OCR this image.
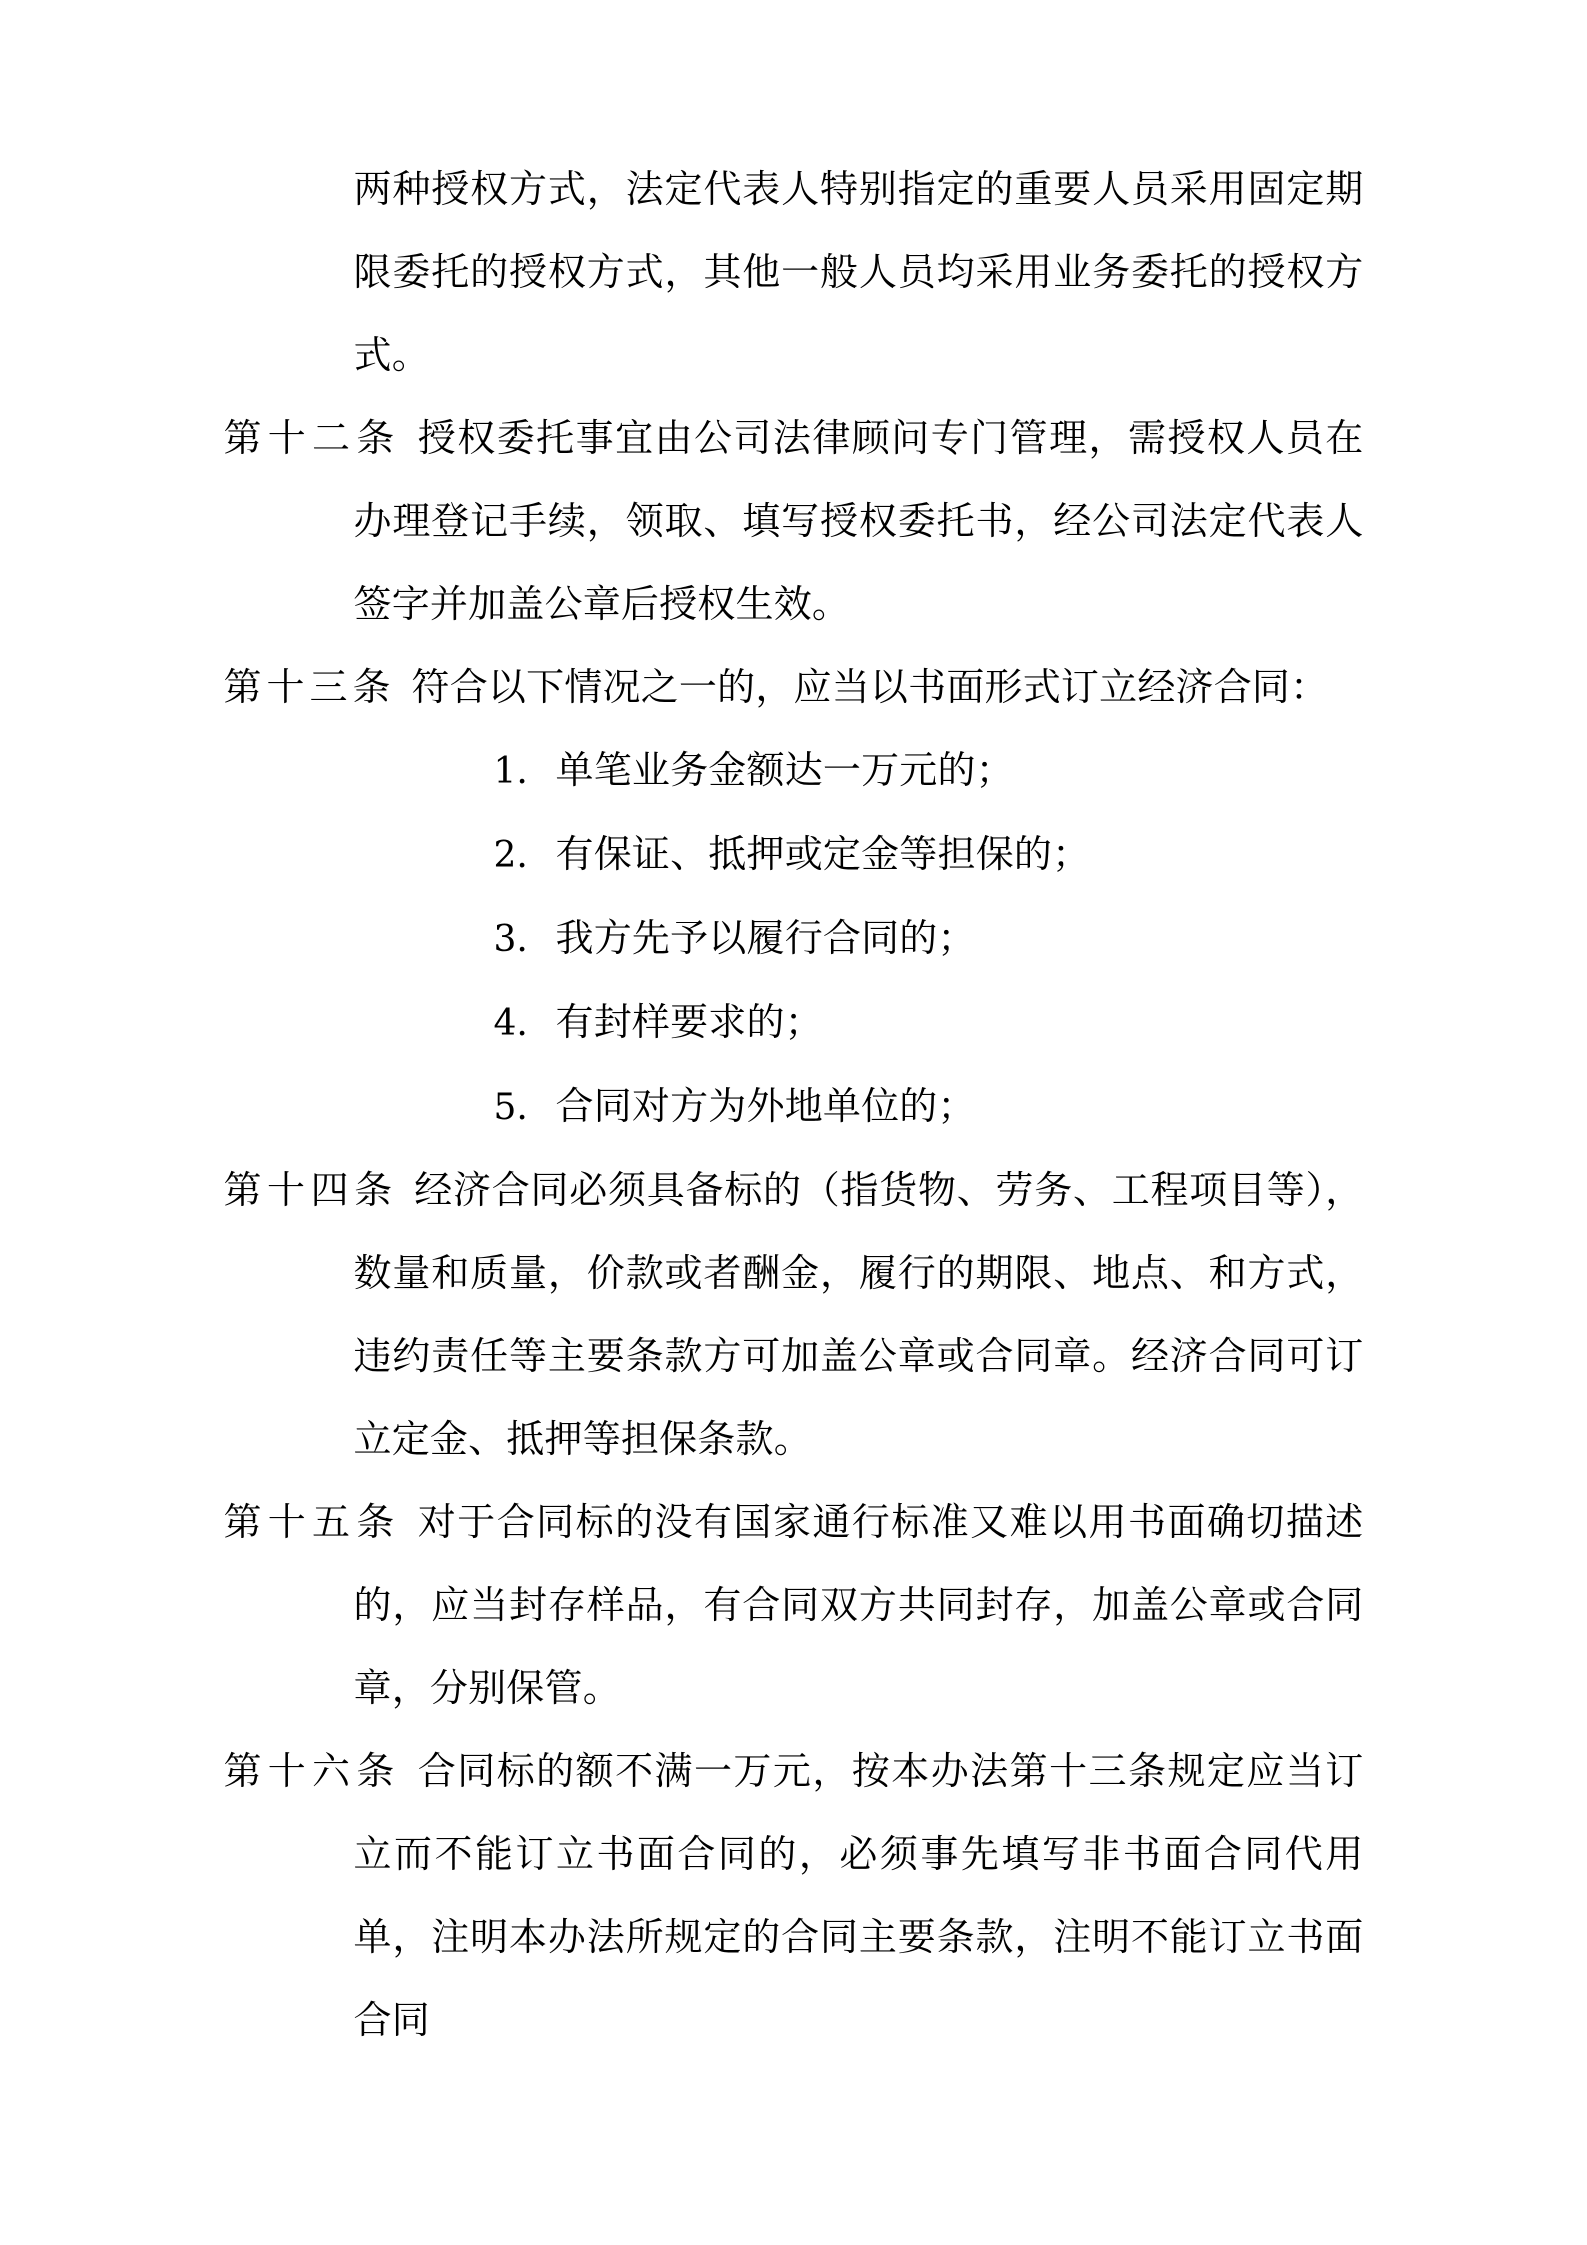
两种授权方式，法定代表人特别指定的重要人员采用固定期限委托的授权方式，其他一般人员均采用业务委托的授权方式。

第十二条 授权委托事宜由公司法律顾问专门管理，需授权人员在办理登记手续，领取、填写授权委托书，经公司法定代表人签字并加盖公章后授权生效。

第十三条 符合以下情况之一的，应当以书面形式订立经济合同：

1. 单笔业务金额达一万元的；
2. 有保证、抵押或定金等担保的；
3. 我方先予以履行合同的；
4. 有封样要求的；
5. 合同对方为外地单位的；

第十四条 经济合同必须具备标的（指货物、劳务、工程项目等），数量和质量，价款或者酬金，履行的期限、地点、和方式，违约责任等主要条款方可加盖公章或合同章。经济合同可订立定金、抵押等担保条款。

第十五条 对于合同标的没有国家通行标准又难以用书面确切描述的，应当封存样品，有合同双方共同封存，加盖公章或合同章，分别保管。

第十六条 合同标的额不满一万元，按本办法第十三条规定应当订立而不能订立书面合同的，必须事先填写非书面合同代用单，注明本办法所规定的合同主要条款，注明不能订立书面合同
